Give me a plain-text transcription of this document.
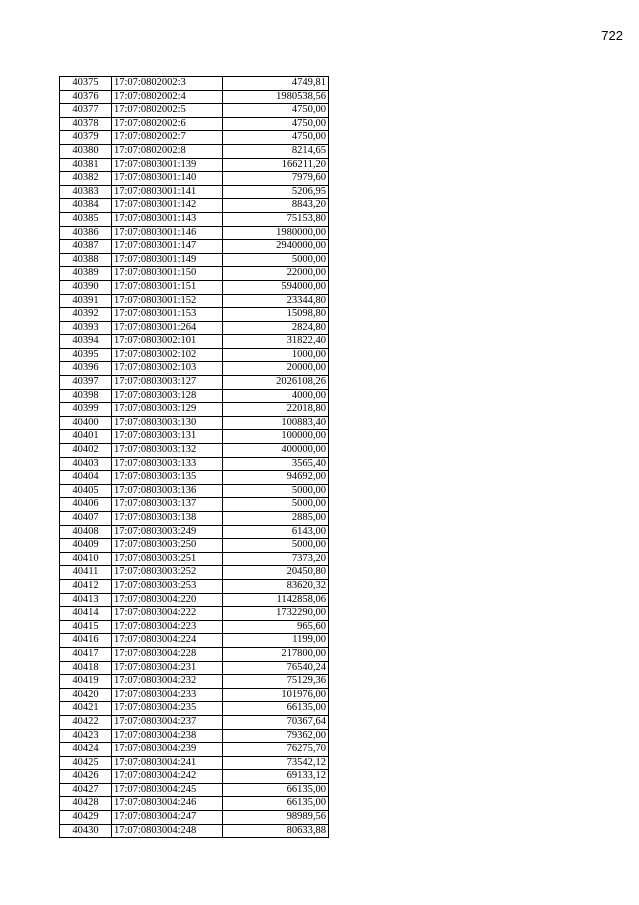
722
40375	17:07:0802002:3	4749,81
40376	17:07:0802002:4	1980538,56
40377	17:07:0802002:5	4750,00
40378	17:07:0802002:6	4750,00
40379	17:07:0802002:7	4750,00
40380	17:07:0802002:8	8214,65
40381	17:07:0803001:139	166211,20
40382	17:07:0803001:140	7979,60
40383	17:07:0803001:141	5206,95
40384	17:07:0803001:142	8843,20
40385	17:07:0803001:143	75153,80
40386	17:07:0803001:146	1980000,00
40387	17:07:0803001:147	2940000,00
40388	17:07:0803001:149	5000,00
40389	17:07:0803001:150	22000,00
40390	17:07:0803001:151	594000,00
40391	17:07:0803001:152	23344,80
40392	17:07:0803001:153	15098,80
40393	17:07:0803001:264	2824,80
40394	17:07:0803002:101	31822,40
40395	17:07:0803002:102	1000,00
40396	17:07:0803002:103	20000,00
40397	17:07:0803003:127	2026108,26
40398	17:07:0803003:128	4000,00
40399	17:07:0803003:129	22018,80
40400	17:07:0803003:130	100883,40
40401	17:07:0803003:131	100000,00
40402	17:07:0803003:132	400000,00
40403	17:07:0803003:133	3565,40
40404	17:07:0803003:135	94692,00
40405	17:07:0803003:136	5000,00
40406	17:07:0803003:137	5000,00
40407	17:07:0803003:138	2885,00
40408	17:07:0803003:249	6143,00
40409	17:07:0803003:250	5000,00
40410	17:07:0803003:251	7373,20
40411	17:07:0803003:252	20450,80
40412	17:07:0803003:253	83620,32
40413	17:07:0803004:220	1142858,06
40414	17:07:0803004:222	1732290,00
40415	17:07:0803004:223	965,60
40416	17:07:0803004:224	1199,00
40417	17:07:0803004:228	217800,00
40418	17:07:0803004:231	76540,24
40419	17:07:0803004:232	75129,36
40420	17:07:0803004:233	101976,00
40421	17:07:0803004:235	66135,00
40422	17:07:0803004:237	70367,64
40423	17:07:0803004:238	79362,00
40424	17:07:0803004:239	76275,70
40425	17:07:0803004:241	73542,12
40426	17:07:0803004:242	69133,12
40427	17:07:0803004:245	66135,00
40428	17:07:0803004:246	66135,00
40429	17:07:0803004:247	98989,56
40430	17:07:0803004:248	80633,88
